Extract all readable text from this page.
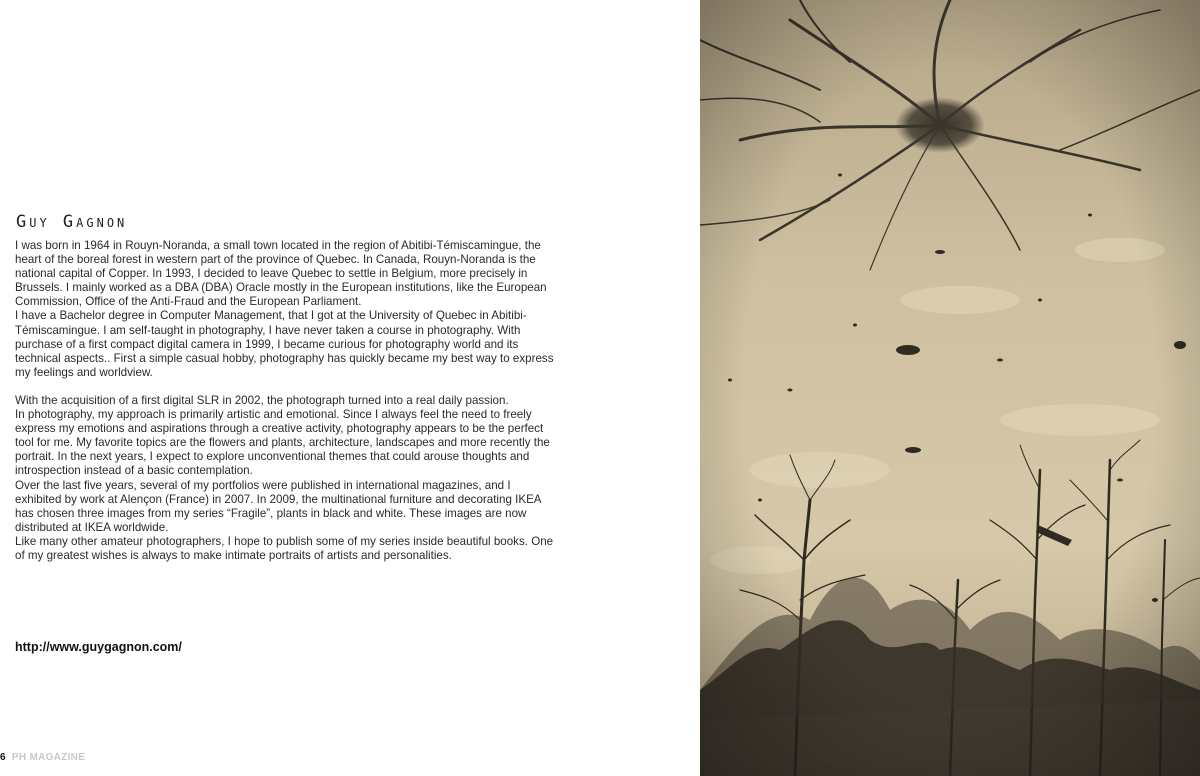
Guy Gagnon

I was born in 1964 in Rouyn-Noranda, a small town located in the region of Abitibi-Témiscamingue, the heart of the boreal forest in western part of the province of Quebec. In Canada, Rouyn-Noranda is the national capital of Copper. In 1993, I decided to leave Quebec to settle in Belgium, more precisely in Brussels. I mainly worked as a DBA (DBA) Oracle mostly in the European institutions, like the European Commission, Office of the Anti-Fraud and the European Parliament.

I have a Bachelor degree in Computer Management, that I got at the University of Quebec in Abitibi- Témiscamingue. I am self-taught in photography, I have never taken a course in photography. With purchase of a first compact digital camera in 1999, I became curious for photography world and its technical aspects.. First a simple casual hobby, photography has quickly became my best way to express my feelings and worldview.

With the acquisition of a first digital SLR in 2002, the photograph turned into a real daily passion.

In photography, my approach is primarily artistic and emotional. Since I always feel the need to freely express my emotions and aspirations through a creative activity, photography appears to be the perfect tool for me. My favorite topics are the flowers and plants, architecture, landscapes and more recently the portrait. In the next years, I expect to explore unconventional themes that could arouse thoughts and introspection instead of a basic contemplation.

Over the last five years, several of my portfolios were published in international magazines, and I exhibited by work at Alençon (France) in 2007. In 2009, the multinational furniture and decorating IKEA has chosen three images from my series “Fragile”, plants in black and white. These images are now distributed at IKEA worldwide.

Like many other amateur photographers, I hope to publish some of my series inside beautiful books. One of my greatest wishes is always to make intimate portraits of artists and personalities.

http://www.guygagnon.com/
6 PH MAGAZINE
